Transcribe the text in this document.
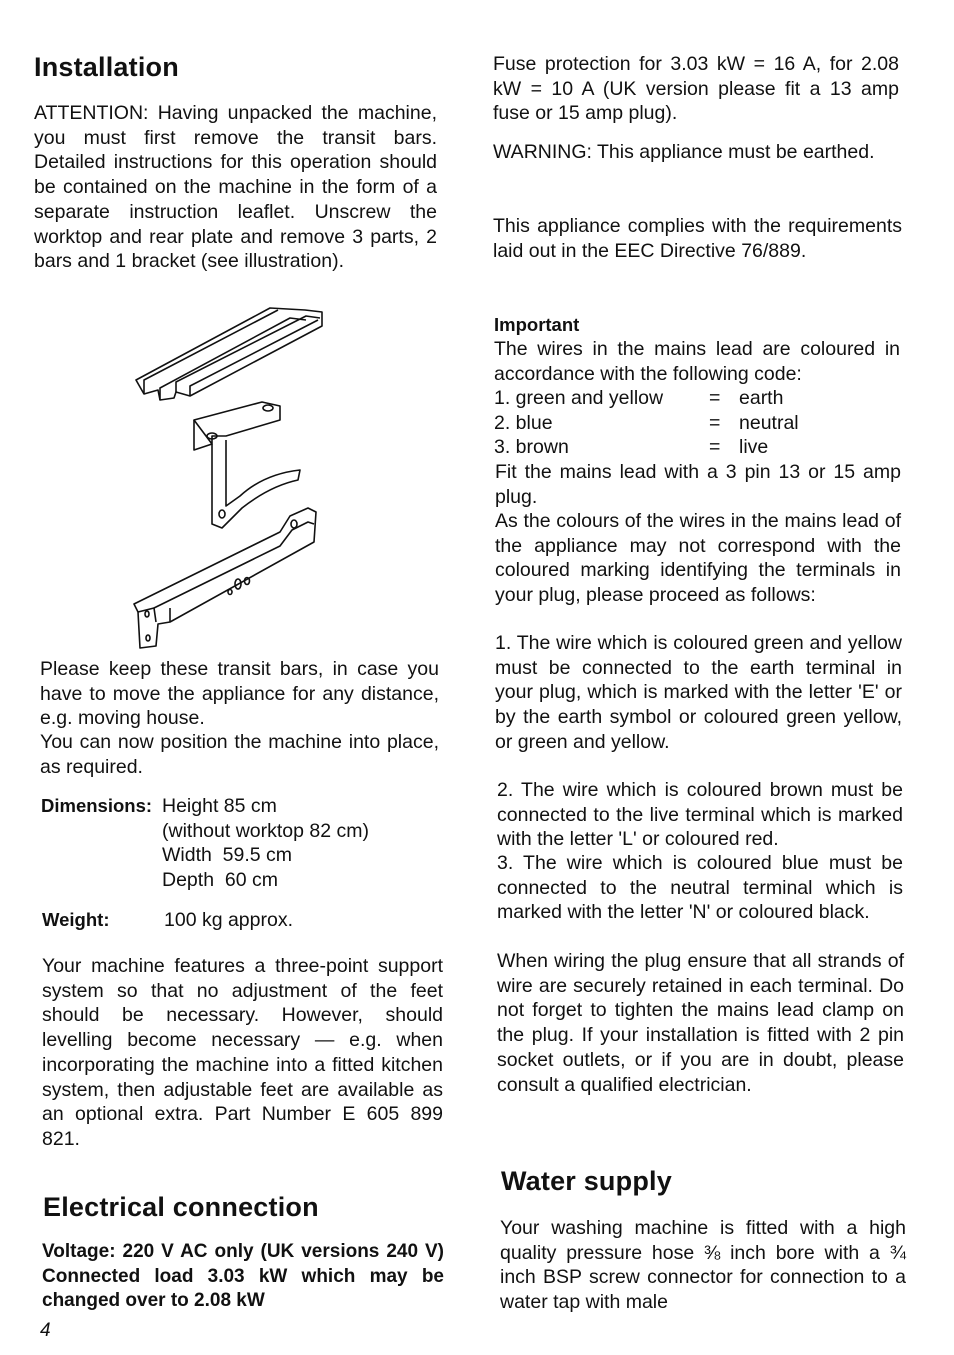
Installation

ATTENTION: Having unpacked the machine, you must first remove the transit bars. Detailed instructions for this operation should be contained on the machine in the form of a separate instruction leaflet. Unscrew the worktop and rear plate and remove 3 parts, 2 bars and 1 bracket (see illustration).

Please keep these transit bars, in case you have to move the appliance for any distance, e.g. moving house.

You can now position the machine into place, as required.

Dimensions: Height 85 cm
(without worktop 82 cm)
Width  59.5 cm
Depth  60 cm
Weight:	100 kg approx.

Your machine features a three-point support system so that no adjustment of the feet should be necessary. However, should levelling become necessary — e.g. when incorporating the machine into a fitted kitchen system, then adjustable feet are available as an optional extra. Part Number E 605 899 821.

Electrical connection

Voltage: 220 V AC only (UK versions 240 V) Connected load 3.03 kW which may be changed over to 2.08 kW

4

Fuse protection for 3.03 kW = 16 A, for 2.08 kW = 10 A (UK version please fit a 13 amp fuse or 15 amp plug).

WARNING: This appliance must be earthed.

This appliance complies with the requirements laid out in the EEC Directive 76/889.

Important

The wires in the mains lead are coloured in accordance with the following code:

1. green and yellow	= earth
2. blue	= neutral
3. brown	= live

Fit the mains lead with a 3 pin 13 or 15 amp plug.

As the colours of the wires in the mains lead of the appliance may not correspond with the coloured marking identifying the terminals in your plug, please proceed as follows:

1. The wire which is coloured green and yellow must be connected to the earth terminal in your plug, which is marked with the letter 'E' or by the earth symbol or coloured green yellow, or green and yellow.

2. The wire which is coloured brown must be connected to the live terminal which is marked with the letter 'L' or coloured red.

3. The wire which is coloured blue must be connected to the neutral terminal which is marked with the letter 'N' or coloured black.

When wiring the plug ensure that all strands of wire are securely retained in each terminal. Do not forget to tighten the mains lead clamp on the plug. If your installation is fitted with 2 pin socket outlets, or if you are in doubt, please consult a qualified electrician.

Water supply

Your washing machine is fitted with a high quality pressure hose ⅜ inch bore with a ¾ inch BSP screw connector for connection to a water tap with male
